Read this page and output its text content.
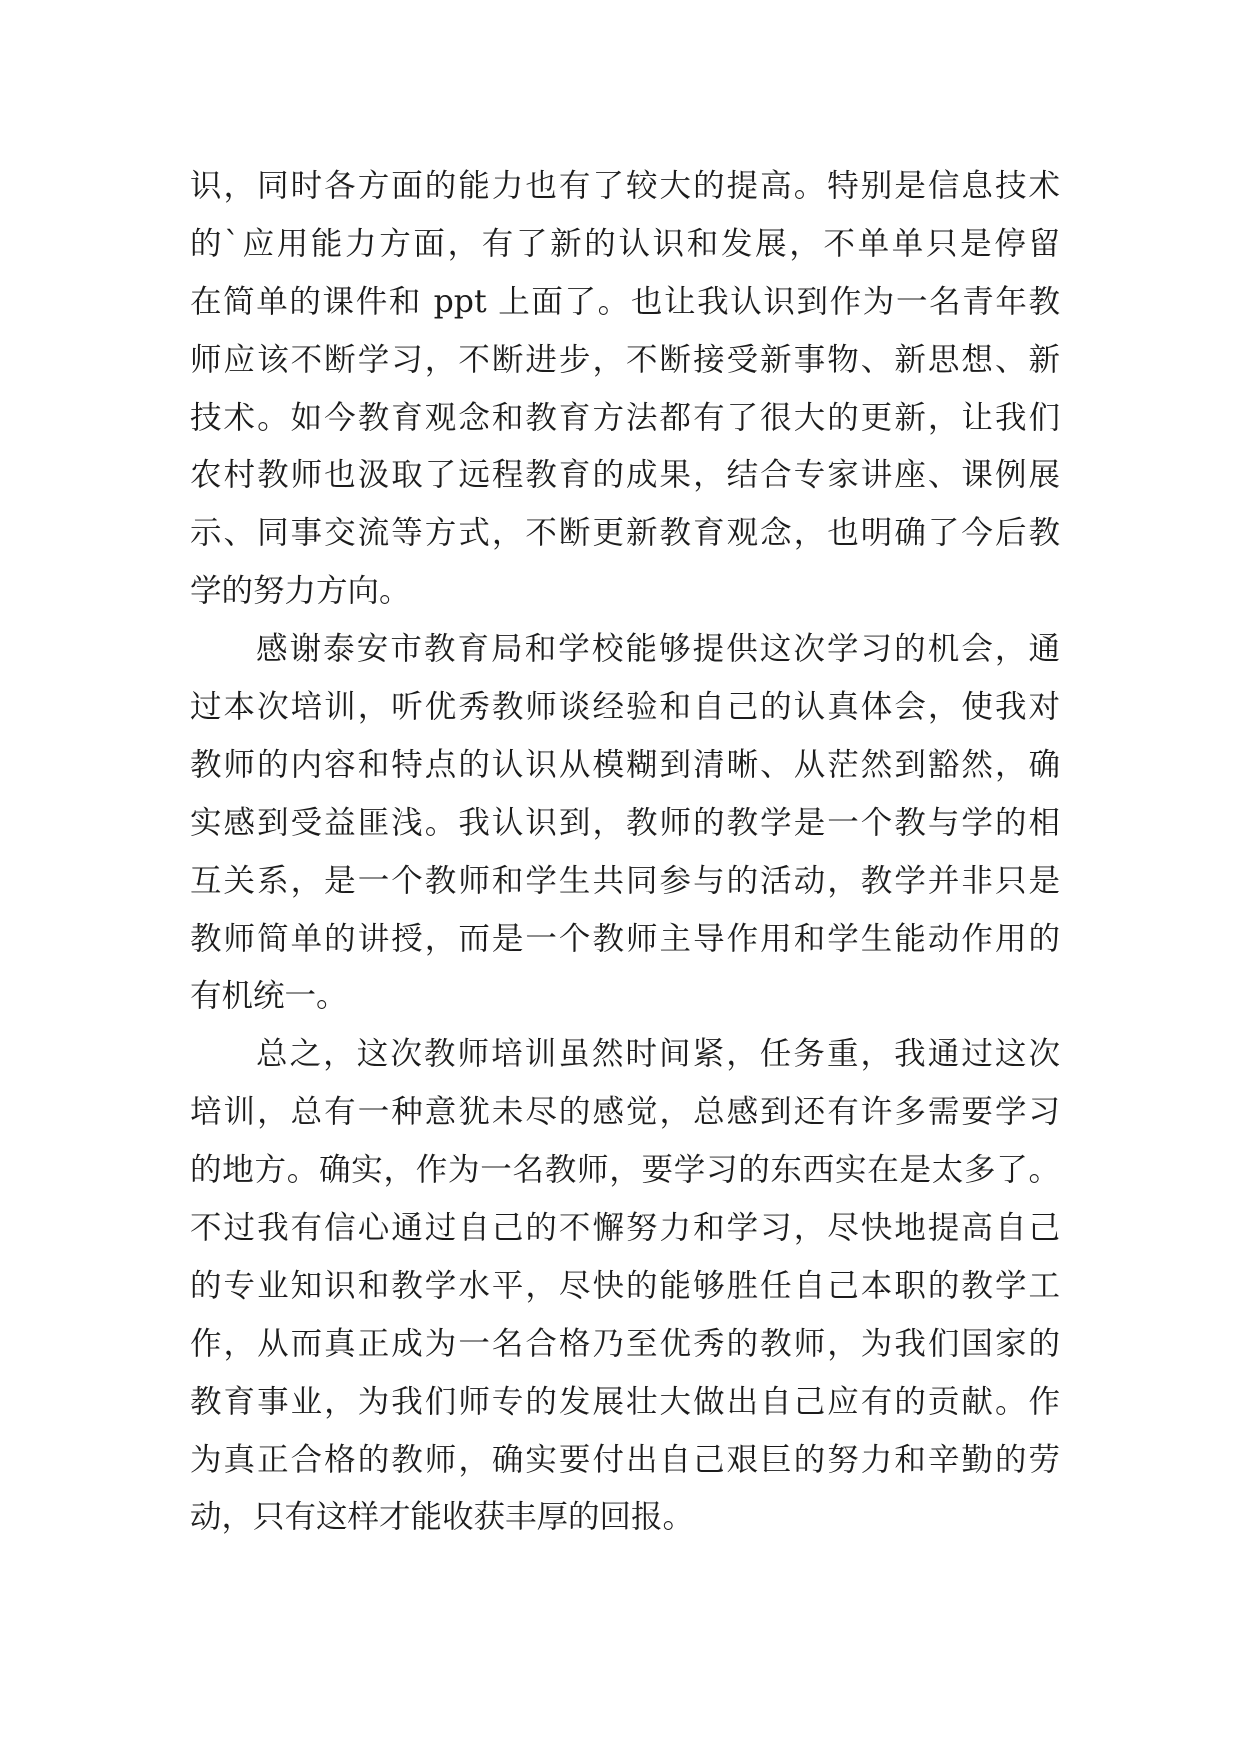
识，同时各方面的能力也有了较大的提高。特别是信息技术
的`应用能力方面，有了新的认识和发展，不单单只是停留
在简单的课件和 ppt 上面了。也让我认识到作为一名青年教
师应该不断学习，不断进步，不断接受新事物、新思想、新
技术。如今教育观念和教育方法都有了很大的更新，让我们
农村教师也汲取了远程教育的成果，结合专家讲座、课例展
示、同事交流等方式，不断更新教育观念，也明确了今后教
学的努力方向。
感谢泰安市教育局和学校能够提供这次学习的机会，通
过本次培训，听优秀教师谈经验和自己的认真体会，使我对
教师的内容和特点的认识从模糊到清晰、从茫然到豁然，确
实感到受益匪浅。我认识到，教师的教学是一个教与学的相
互关系，是一个教师和学生共同参与的活动，教学并非只是
教师简单的讲授，而是一个教师主导作用和学生能动作用的
有机统一。
总之，这次教师培训虽然时间紧，任务重，我通过这次
培训，总有一种意犹未尽的感觉，总感到还有许多需要学习
的地方。确实，作为一名教师，要学习的东西实在是太多了。
不过我有信心通过自己的不懈努力和学习，尽快地提高自己
的专业知识和教学水平，尽快的能够胜任自己本职的教学工
作，从而真正成为一名合格乃至优秀的教师，为我们国家的
教育事业，为我们师专的发展壮大做出自己应有的贡献。作
为真正合格的教师，确实要付出自己艰巨的努力和辛勤的劳
动，只有这样才能收获丰厚的回报。
